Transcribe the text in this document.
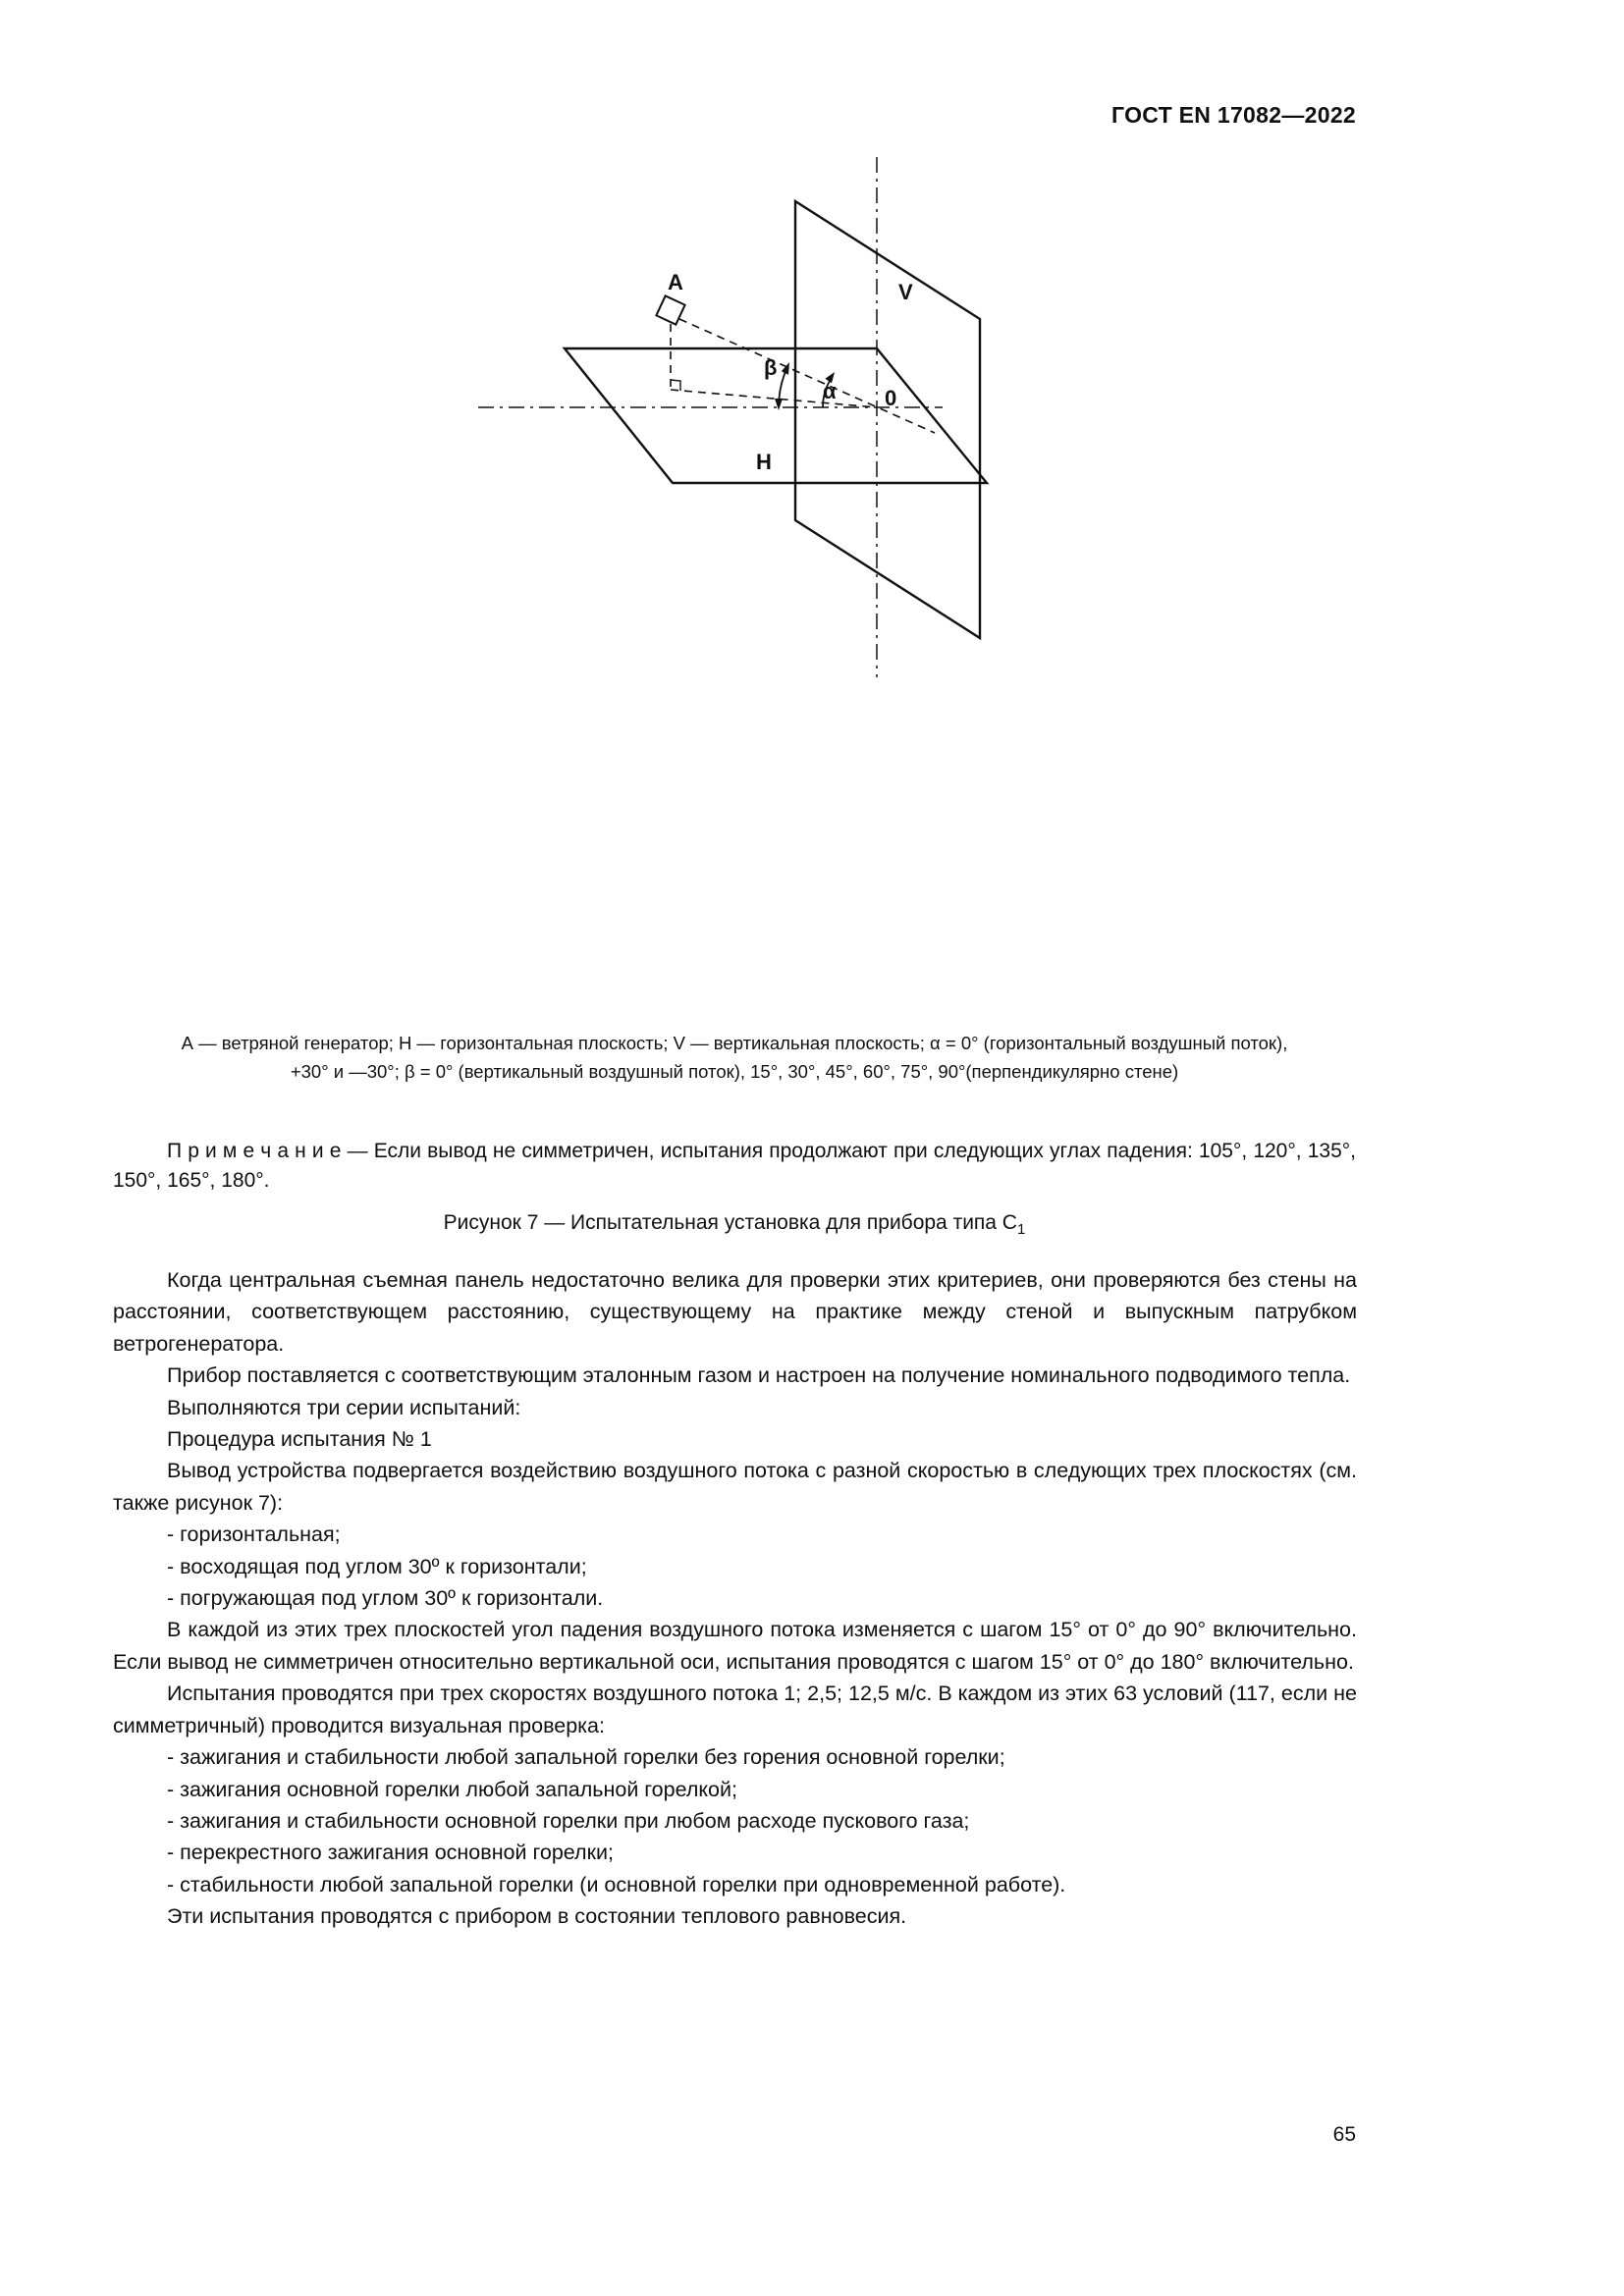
ГОСТ EN 17082—2022
A	V
H
β
α 0
А — ветряной генератор; Н — горизонтальная плоскость; V — вертикальная плоскость; α = 0° (горизонтальный воздушный поток),
+30° и —30°; β = 0° (вертикальный воздушный поток), 15°, 30°, 45°, 60°, 75°, 90°(перпендикулярно стене)
П р и м е ч а н и е — Если вывод не симметричен, испытания продолжают при следующих углах падения: 105°, 120°, 135°, 150°, 165°, 180°.
Рисунок 7 — Испытательная установка для прибора типа $С_1$

Когда центральная съемная панель недостаточно велика для проверки этих критериев, они проверяются без стены на расстоянии, соответствующем расстоянию, существующему на практике между стеной и выпускным патрубком ветрогенератора.

Прибор поставляется с соответствующим эталонным газом и настроен на получение номинального подводимого тепла.

Выполняются три серии испытаний:

Процедура испытания № 1

Вывод устройства подвергается воздействию воздушного потока с разной скоростью в следующих трех плоскостях (см. также рисунок 7):

- горизонтальная;

- восходящая под углом 30º к горизонтали;

- погружающая под углом 30º к горизонтали.

В каждой из этих трех плоскостей угол падения воздушного потока изменяется с шагом 15° от 0° до 90° включительно. Если вывод не симметричен относительно вертикальной оси, испытания проводятся с шагом 15° от 0° до 180° включительно.

Испытания проводятся при трех скоростях воздушного потока 1; 2,5; 12,5 м/с. В каждом из этих 63 условий (117, если не симметричный) проводится визуальная проверка:

- зажигания и стабильности любой запальной горелки без горения основной горелки;

- зажигания основной горелки любой запальной горелкой;

- зажигания и стабильности основной горелки при любом расходе пускового газа;

- перекрестного зажигания основной горелки;

- стабильности любой запальной горелки (и основной горелки при одновременной работе).

Эти испытания проводятся с прибором в состоянии теплового равновесия.

65
